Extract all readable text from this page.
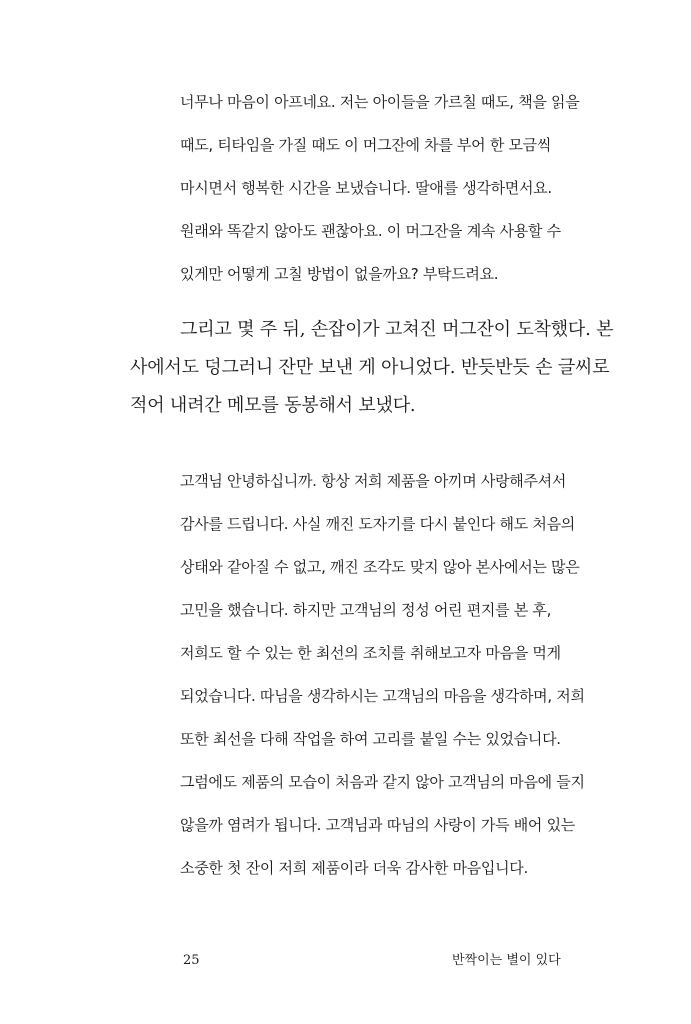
너무나 마음이 아프네요. 저는 아이들을 가르칠 때도, 책을 읽을
때도, 티타임을 가질 때도 이 머그잔에 차를 부어 한 모금씩
마시면서 행복한 시간을 보냈습니다. 딸애를 생각하면서요.
원래와 똑같지 않아도 괜찮아요. 이 머그잔을 계속 사용할 수
있게만 어떻게 고칠 방법이 없을까요? 부탁드려요.
그리고 몇 주 뒤, 손잡이가 고쳐진 머그잔이 도착했다. 본
사에서도 덩그러니 잔만 보낸 게 아니었다. 반듯반듯 손 글씨로
적어 내려간 메모를 동봉해서 보냈다.
고객님 안녕하십니까. 항상 저희 제품을 아끼며 사랑해주셔서
감사를 드립니다. 사실 깨진 도자기를 다시 붙인다 해도 처음의
상태와 같아질 수 없고, 깨진 조각도 맞지 않아 본사에서는 많은
고민을 했습니다. 하지만 고객님의 정성 어린 편지를 본 후,
저희도 할 수 있는 한 최선의 조치를 취해보고자 마음을 먹게
되었습니다. 따님을 생각하시는 고객님의 마음을 생각하며, 저희
또한 최선을 다해 작업을 하여 고리를 붙일 수는 있었습니다.
그럼에도 제품의 모습이 처음과 같지 않아 고객님의 마음에 들지
않을까 염려가 됩니다. 고객님과 따님의 사랑이 가득 배어 있는
소중한 첫 잔이 저희 제품이라 더욱 감사한 마음입니다.
25	반짝이는 별이 있다
